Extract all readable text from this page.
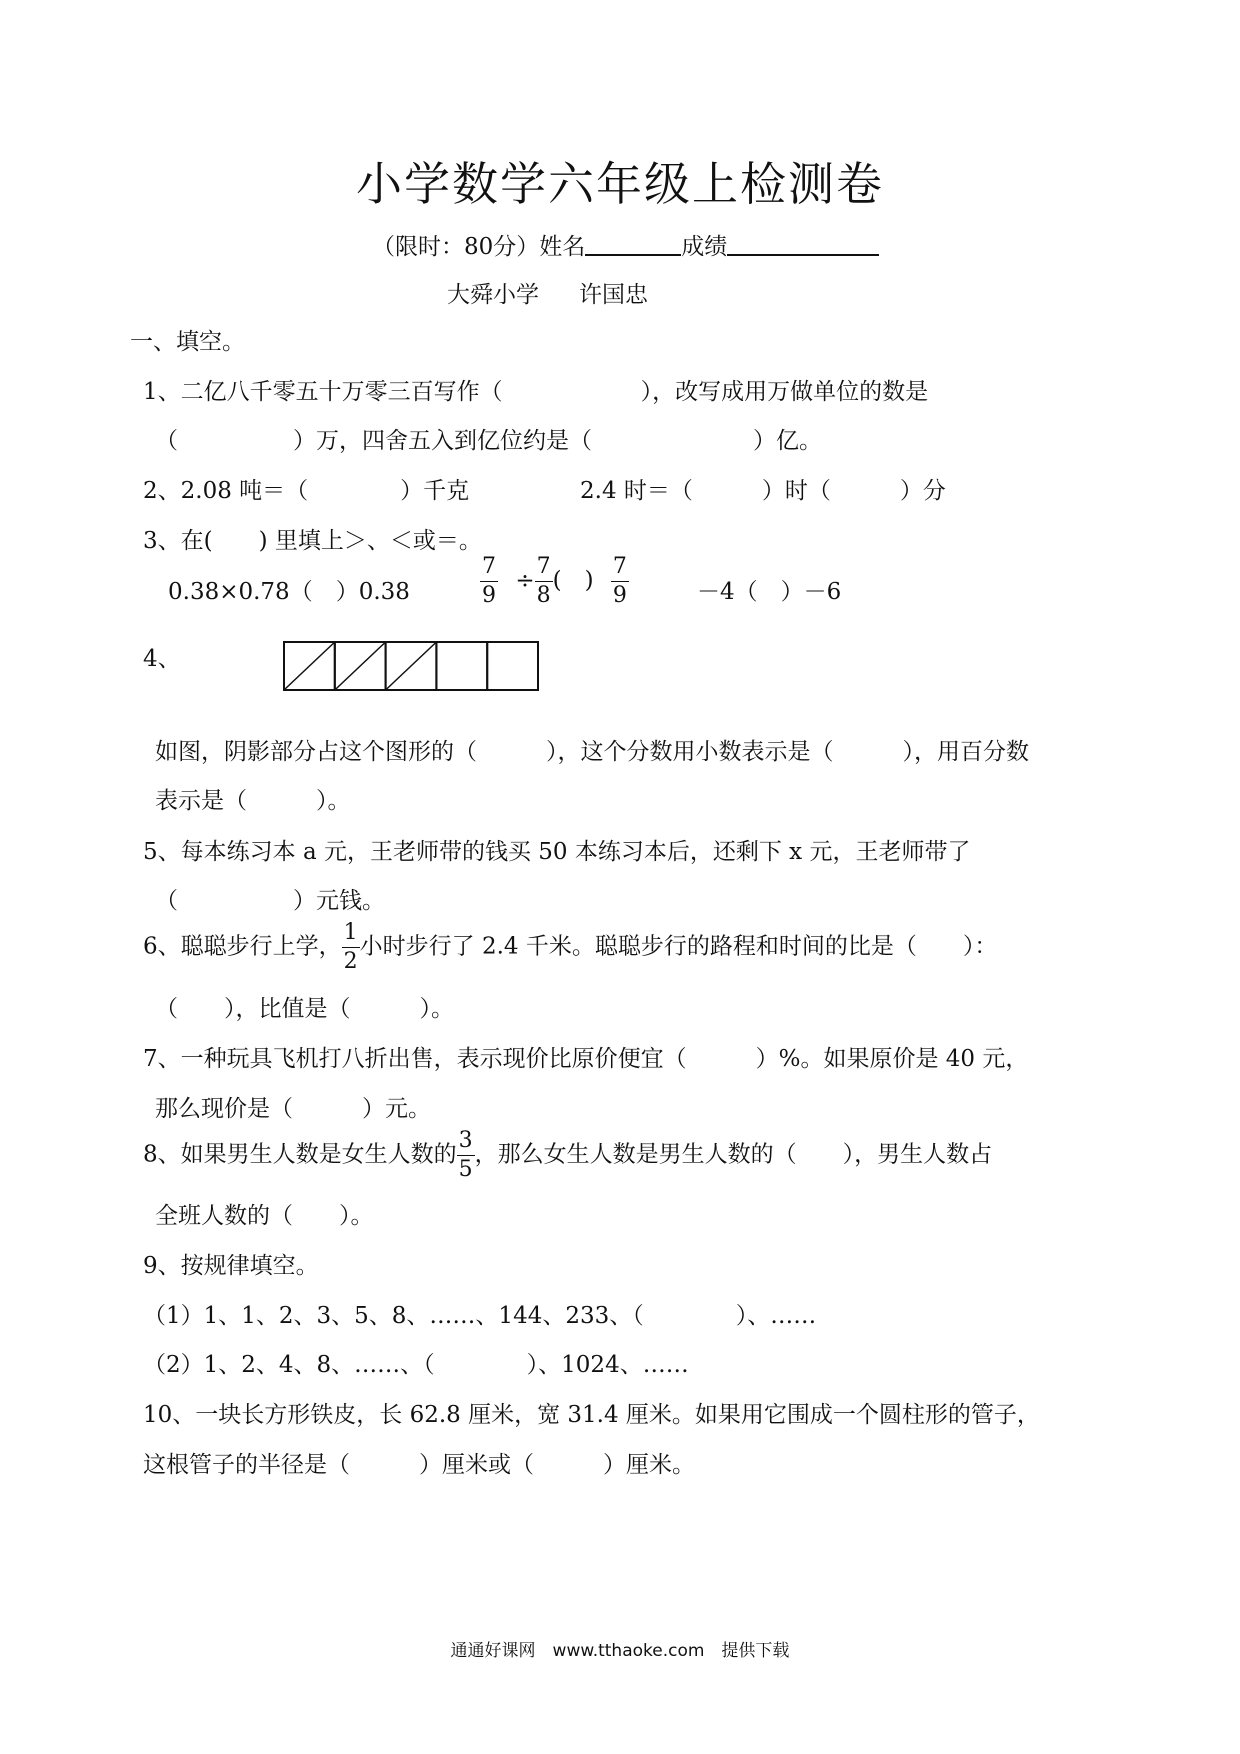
小学数学六年级上检测卷
（限时：80分）姓名	成绩
大舜小学 许国忠
一、填空。
1、二亿八千零五十万零三百写作（　　　　　　），改写成用万做单位的数是
（　　　　　）万，四舍五入到亿位约是（　　　　　　　）亿。
2、2.08 吨＝（　　　　）千克	2.4 时＝（　　　）时（　　　）分
3、在(　　) 里填上＞、＜或＝。
0.38×0.78（　）0.38	$\frac{7}{9} \div \frac{7}{8}$ (　) $\frac{7}{9}$	－4（　）－6
4、
如图，阴影部分占这个图形的（　　　），这个分数用小数表示是（　　　），用百分数
表示是（　　　）。
5、每本练习本 a 元，王老师带的钱买 50 本练习本后，还剩下 x 元，王老师带了
（　　　　　）元钱。
6、聪聪步行上学， $\frac{1}{2}$ 小时步行了 2.4 千米。聪聪步行的路程和时间的比是（　　）：
（　　），比值是（　　　）。
7、一种玩具飞机打八折出售，表示现价比原价便宜（　　　）%。如果原价是 40 元，
那么现价是（　　　）元。
8、如果男生人数是女生人数的 $\frac{3}{5}$ ，那么女生人数是男生人数的（　　），男生人数占
全班人数的（　　）。
9、按规律填空。
（1）1、1、2、3、5、8、……、144、233、（　　　　）、……
（2）1、2、4、8、……、（　　　　）、1024、……
10、一块长方形铁皮，长 62.8 厘米，宽 31.4 厘米。如果用它围成一个圆柱形的管子，
这根管子的半径是（　　　）厘米或（　　　）厘米。
通通好课网　www.tthaoke.com　提供下载
